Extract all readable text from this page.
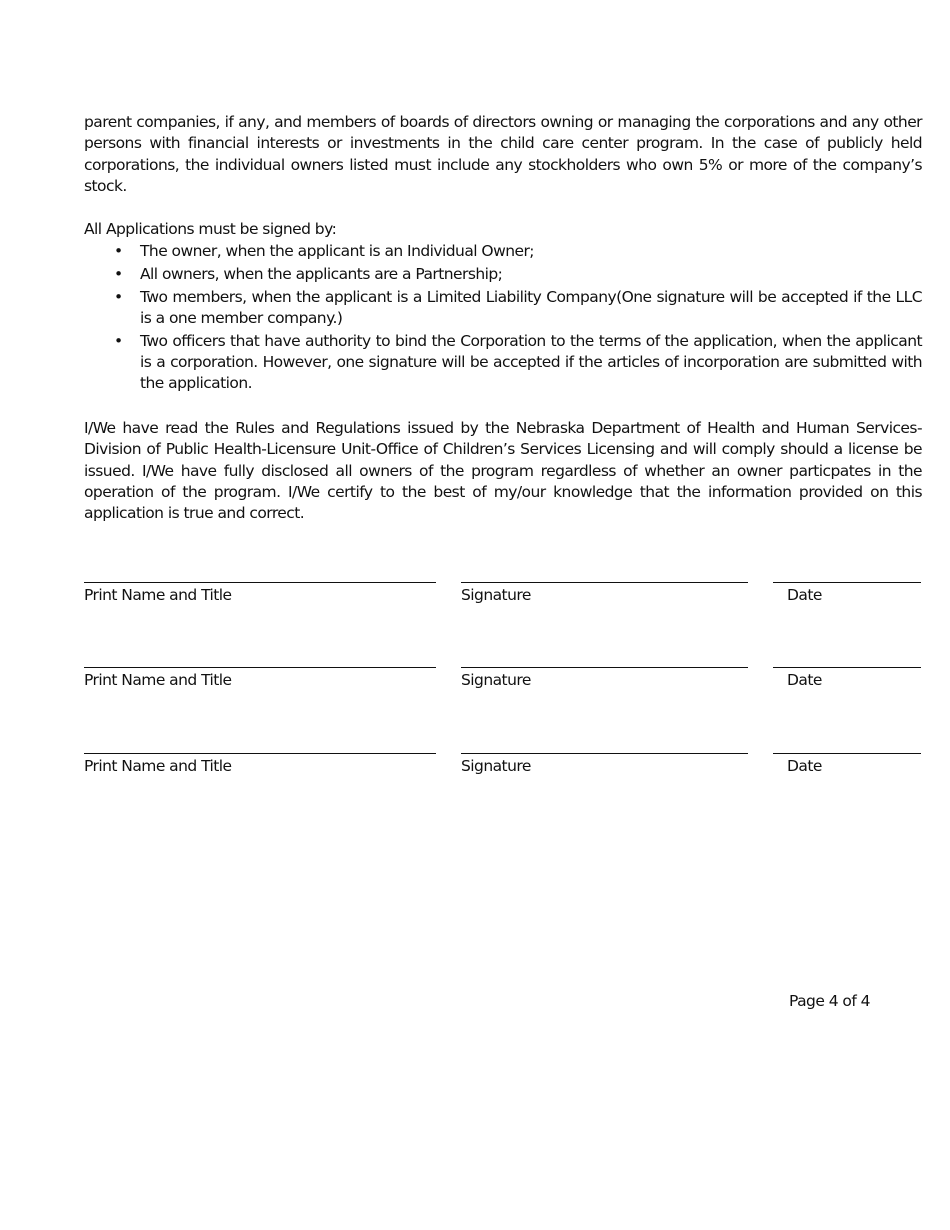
parent companies, if any, and members of boards of directors owning or managing the corporations and any other persons with financial interests or investments in the child care center program. In the case of publicly held corporations, the individual owners listed must include any stockholders who own 5% or more of the company’s stock.

All Applications must be signed by:

• The owner, when the applicant is an Individual Owner;
• All owners, when the applicants are a Partnership;
• Two members, when the applicant is a Limited Liability Company(One signature will be accepted if the LLC is a one member company.)
• Two officers that have authority to bind the Corporation to the terms of the application, when the applicant is a corporation. However, one signature will be accepted if the articles of incorporation are submitted with the application.

I/We have read the Rules and Regulations issued by the Nebraska Department of Health and Human Services-Division of Public Health-Licensure Unit-Office of Children’s Services Licensing and will comply should a license be issued. I/We have fully disclosed all owners of the program regardless of whether an owner particpates in the operation of the program. I/We certify to the best of my/our knowledge that the information provided on this application is true and correct.

Print Name and Title	Signature	Date
Print Name and Title	Signature	Date
Print Name and Title	Signature	Date
Page 4 of 4
